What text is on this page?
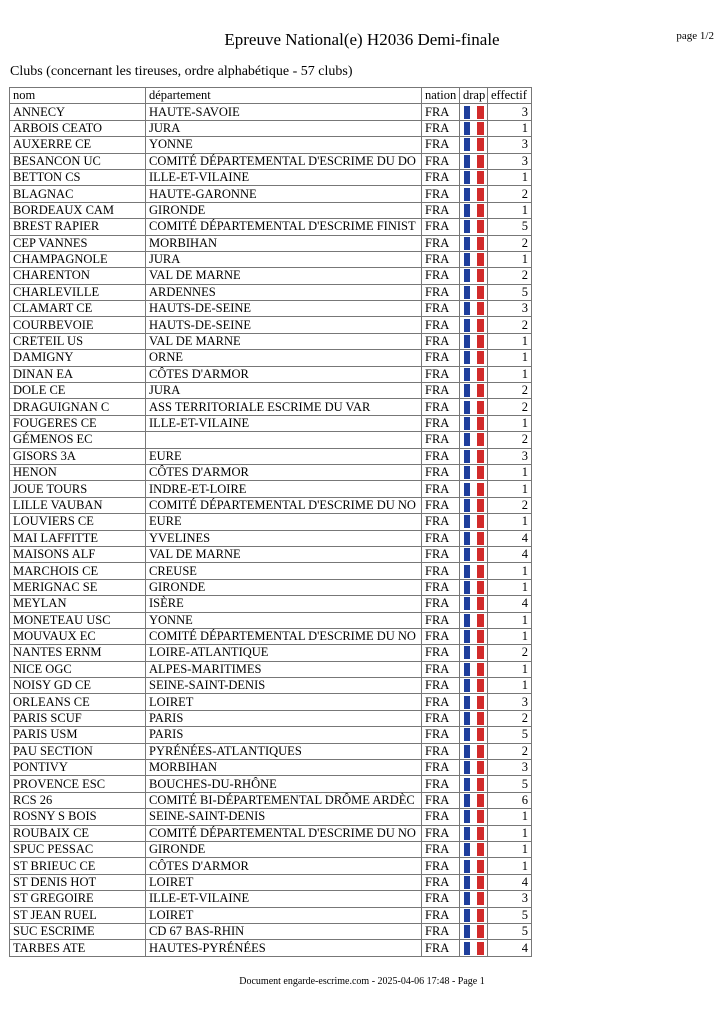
Epreuve National(e) H2036 Demi-finale	page 1/2
Clubs (concernant les tireuses, ordre alphabétique - 57 clubs)
nom	département	nation	drap	effectif
ANNECY	HAUTE-SAVOIE	FRA		3
ARBOIS CEATO	JURA	FRA		1
AUXERRE CE	YONNE	FRA		3
BESANCON UC	COMITÉ DÉPARTEMENTAL D'ESCRIME DU DO	FRA		3
BETTON CS	ILLE-ET-VILAINE	FRA		1
BLAGNAC	HAUTE-GARONNE	FRA		2
BORDEAUX CAM	GIRONDE	FRA		1
BREST RAPIER	COMITÉ DÉPARTEMENTAL D'ESCRIME FINIST	FRA		5
CEP VANNES	MORBIHAN	FRA		2
CHAMPAGNOLE	JURA	FRA		1
CHARENTON	VAL DE MARNE	FRA		2
CHARLEVILLE	ARDENNES	FRA		5
CLAMART CE	HAUTS-DE-SEINE	FRA		3
COURBEVOIE	HAUTS-DE-SEINE	FRA		2
CRETEIL US	VAL DE MARNE	FRA		1
DAMIGNY	ORNE	FRA		1
DINAN EA	CÔTES D'ARMOR	FRA		1
DOLE CE	JURA	FRA		2
DRAGUIGNAN C	ASS TERRITORIALE ESCRIME DU VAR	FRA		2
FOUGERES CE	ILLE-ET-VILAINE	FRA		1
GÉMENOS EC		FRA		2
GISORS 3A	EURE	FRA		3
HENON	CÔTES D'ARMOR	FRA		1
JOUE TOURS	INDRE-ET-LOIRE	FRA		1
LILLE VAUBAN	COMITÉ DÉPARTEMENTAL D'ESCRIME DU NO	FRA		2
LOUVIERS CE	EURE	FRA		1
MAI LAFFITTE	YVELINES	FRA		4
MAISONS ALF	VAL DE MARNE	FRA		4
MARCHOIS CE	CREUSE	FRA		1
MERIGNAC SE	GIRONDE	FRA		1
MEYLAN	ISÈRE	FRA		4
MONETEAU USC	YONNE	FRA		1
MOUVAUX EC	COMITÉ DÉPARTEMENTAL D'ESCRIME DU NO	FRA		1
NANTES ERNM	LOIRE-ATLANTIQUE	FRA		2
NICE OGC	ALPES-MARITIMES	FRA		1
NOISY GD CE	SEINE-SAINT-DENIS	FRA		1
ORLEANS CE	LOIRET	FRA		3
PARIS SCUF	PARIS	FRA		2
PARIS USM	PARIS	FRA		5
PAU SECTION	PYRÉNÉES-ATLANTIQUES	FRA		2
PONTIVY	MORBIHAN	FRA		3
PROVENCE ESC	BOUCHES-DU-RHÔNE	FRA		5
RCS 26	COMITÉ BI-DÉPARTEMENTAL DRÔME ARDÈC	FRA		6
ROSNY S BOIS	SEINE-SAINT-DENIS	FRA		1
ROUBAIX CE	COMITÉ DÉPARTEMENTAL D'ESCRIME DU NO	FRA		1
SPUC PESSAC	GIRONDE	FRA		1
ST BRIEUC CE	CÔTES D'ARMOR	FRA		1
ST DENIS HOT	LOIRET	FRA		4
ST GREGOIRE	ILLE-ET-VILAINE	FRA		3
ST JEAN RUEL	LOIRET	FRA		5
SUC ESCRIME	CD 67 BAS-RHIN	FRA		5
TARBES ATE	HAUTES-PYRÉNÉES	FRA		4
Document engarde-escrime.com - 2025-04-06 17:48 - Page 1
